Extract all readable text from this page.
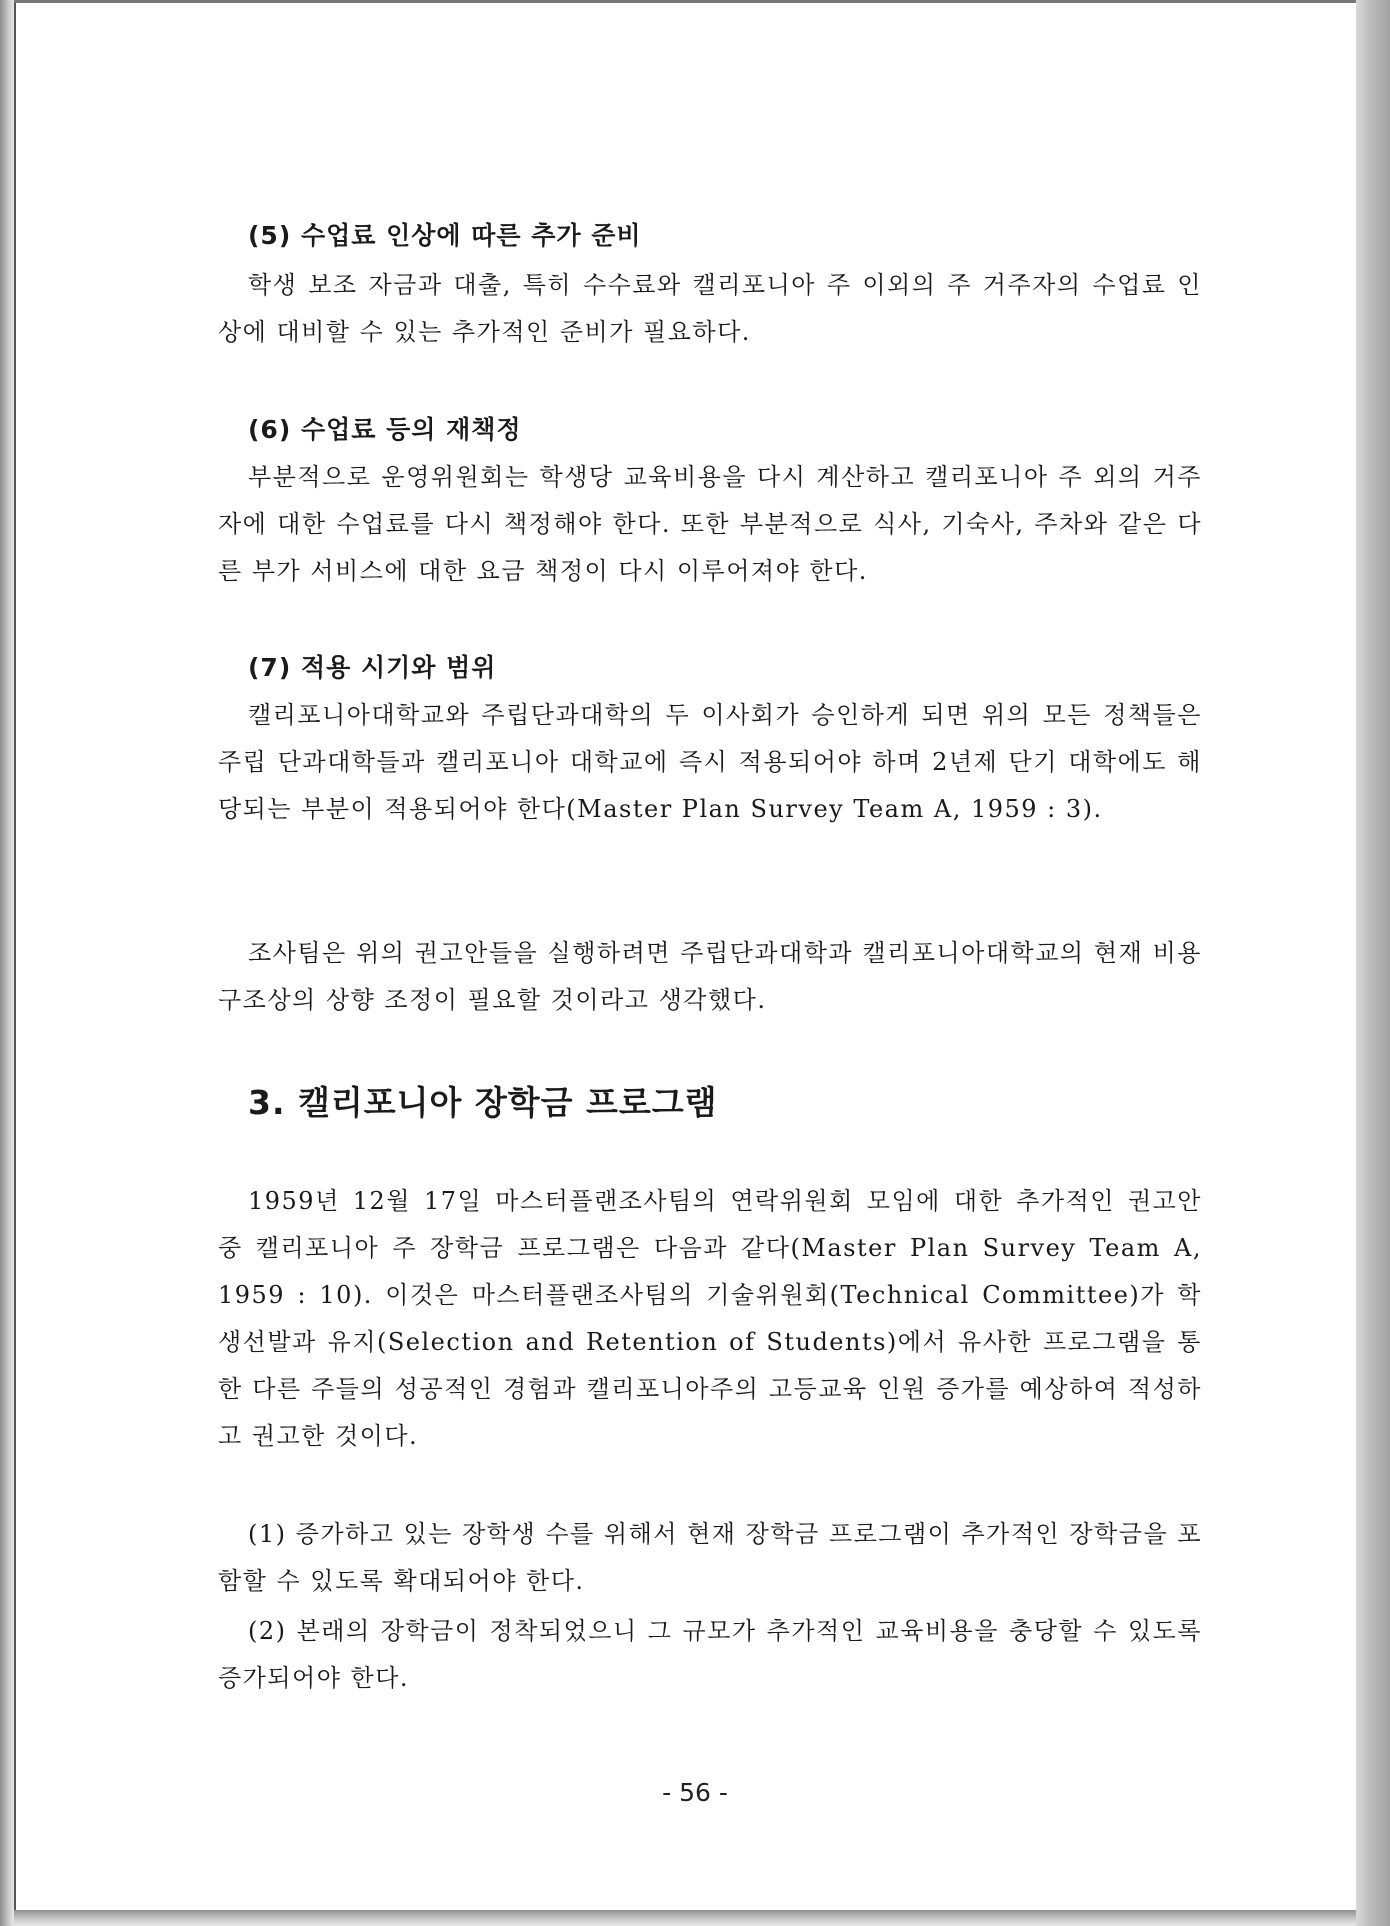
(5) 수업료 인상에 따른 추가 준비
학생 보조 자금과 대출, 특히 수수료와 캘리포니아 주 이외의 주 거주자의 수업료 인상에 대비할 수 있는 추가적인 준비가 필요하다.
(6) 수업료 등의 재책정
부분적으로 운영위원회는 학생당 교육비용을 다시 계산하고 캘리포니아 주 외의 거주자에 대한 수업료를 다시 책정해야 한다. 또한 부분적으로 식사, 기숙사, 주차와 같은 다른 부가 서비스에 대한 요금 책정이 다시 이루어져야 한다.
(7) 적용 시기와 범위
캘리포니아대학교와 주립단과대학의 두 이사회가 승인하게 되면 위의 모든 정책들은 주립 단과대학들과 캘리포니아 대학교에 즉시 적용되어야 하며 2년제 단기 대학에도 해당되는 부분이 적용되어야 한다(Master Plan Survey Team A, 1959 : 3).
조사팀은 위의 권고안들을 실행하려면 주립단과대학과 캘리포니아대학교의 현재 비용 구조상의 상향 조정이 필요할 것이라고 생각했다.
3. 캘리포니아 장학금 프로그램
1959년 12월 17일 마스터플랜조사팀의 연락위원회 모임에 대한 추가적인 권고안 중 캘리포니아 주 장학금 프로그램은 다음과 같다(Master Plan Survey Team A, 1959 : 10). 이것은 마스터플랜조사팀의 기술위원회(Technical Committee)가 학생선발과 유지(Selection and Retention of Students)에서 유사한 프로그램을 통한 다른 주들의 성공적인 경험과 캘리포니아주의 고등교육 인원 증가를 예상하여 적성하고 권고한 것이다.
(1) 증가하고 있는 장학생 수를 위해서 현재 장학금 프로그램이 추가적인 장학금을 포함할 수 있도록 확대되어야 한다.
(2) 본래의 장학금이 정착되었으니 그 규모가 추가적인 교육비용을 충당할 수 있도록 증가되어야 한다.
- 56 -
